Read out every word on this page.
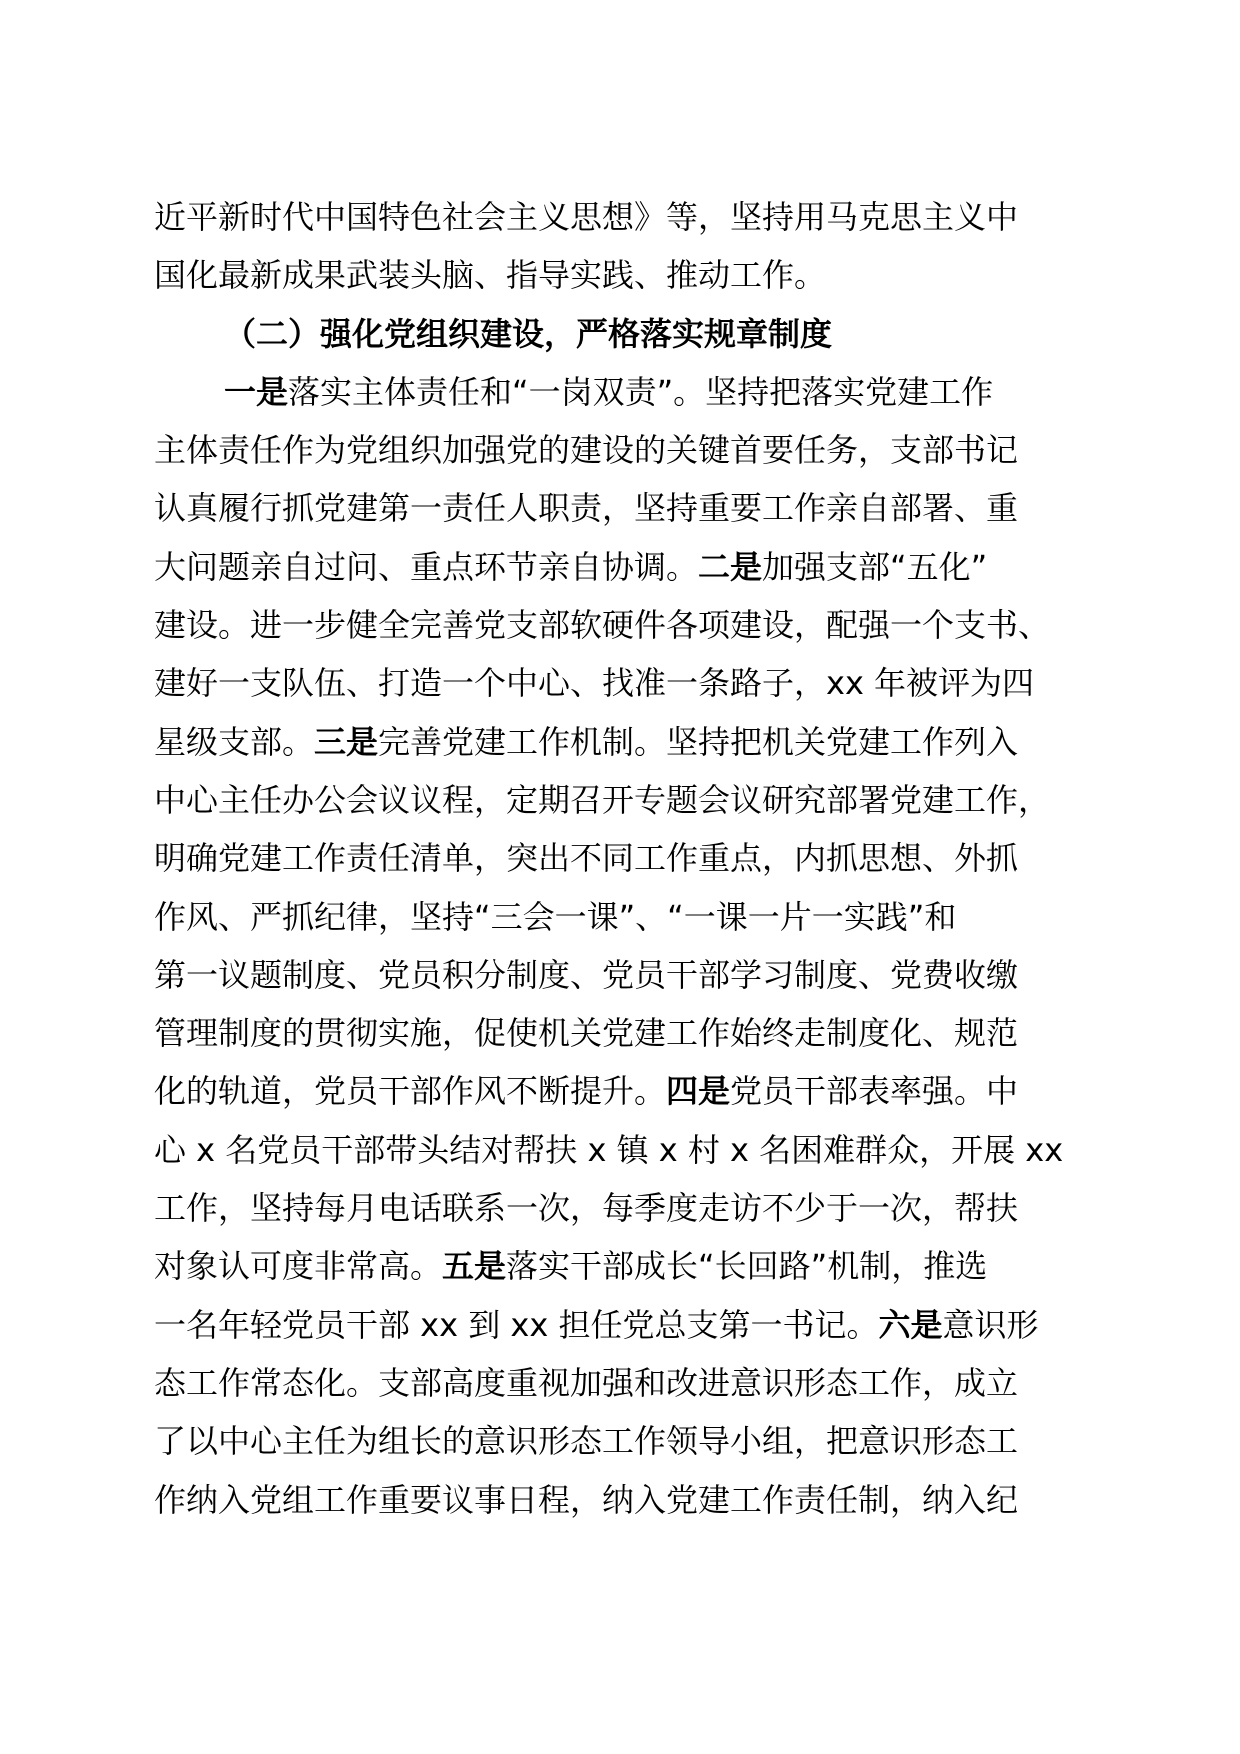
近平新时代中国特色社会主义思想》等，坚持用马克思主义中
国化最新成果武装头脑、指导实践、推动工作。
（二）强化党组织建设，严格落实规章制度
一是落实主体责任和“一岗双责”。坚持把落实党建工作
主体责任作为党组织加强党的建设的关键首要任务，支部书记
认真履行抓党建第一责任人职责，坚持重要工作亲自部署、重
大问题亲自过问、重点环节亲自协调。二是加强支部“五化”
建设。进一步健全完善党支部软硬件各项建设，配强一个支书、
建好一支队伍、打造一个中心、找准一条路子，xx 年被评为四
星级支部。三是完善党建工作机制。坚持把机关党建工作列入
中心主任办公会议议程，定期召开专题会议研究部署党建工作，
明确党建工作责任清单，突出不同工作重点，内抓思想、外抓
作风、严抓纪律，坚持“三会一课”、“一课一片一实践”和
第一议题制度、党员积分制度、党员干部学习制度、党费收缴
管理制度的贯彻实施，促使机关党建工作始终走制度化、规范
化的轨道，党员干部作风不断提升。四是党员干部表率强。中
心 x 名党员干部带头结对帮扶 x 镇 x 村 x 名困难群众，开展 xx
工作，坚持每月电话联系一次，每季度走访不少于一次，帮扶
对象认可度非常高。五是落实干部成长“长回路”机制，推选
一名年轻党员干部 xx 到 xx 担任党总支第一书记。六是意识形
态工作常态化。支部高度重视加强和改进意识形态工作，成立
了以中心主任为组长的意识形态工作领导小组，把意识形态工
作纳入党组工作重要议事日程，纳入党建工作责任制，纳入纪
